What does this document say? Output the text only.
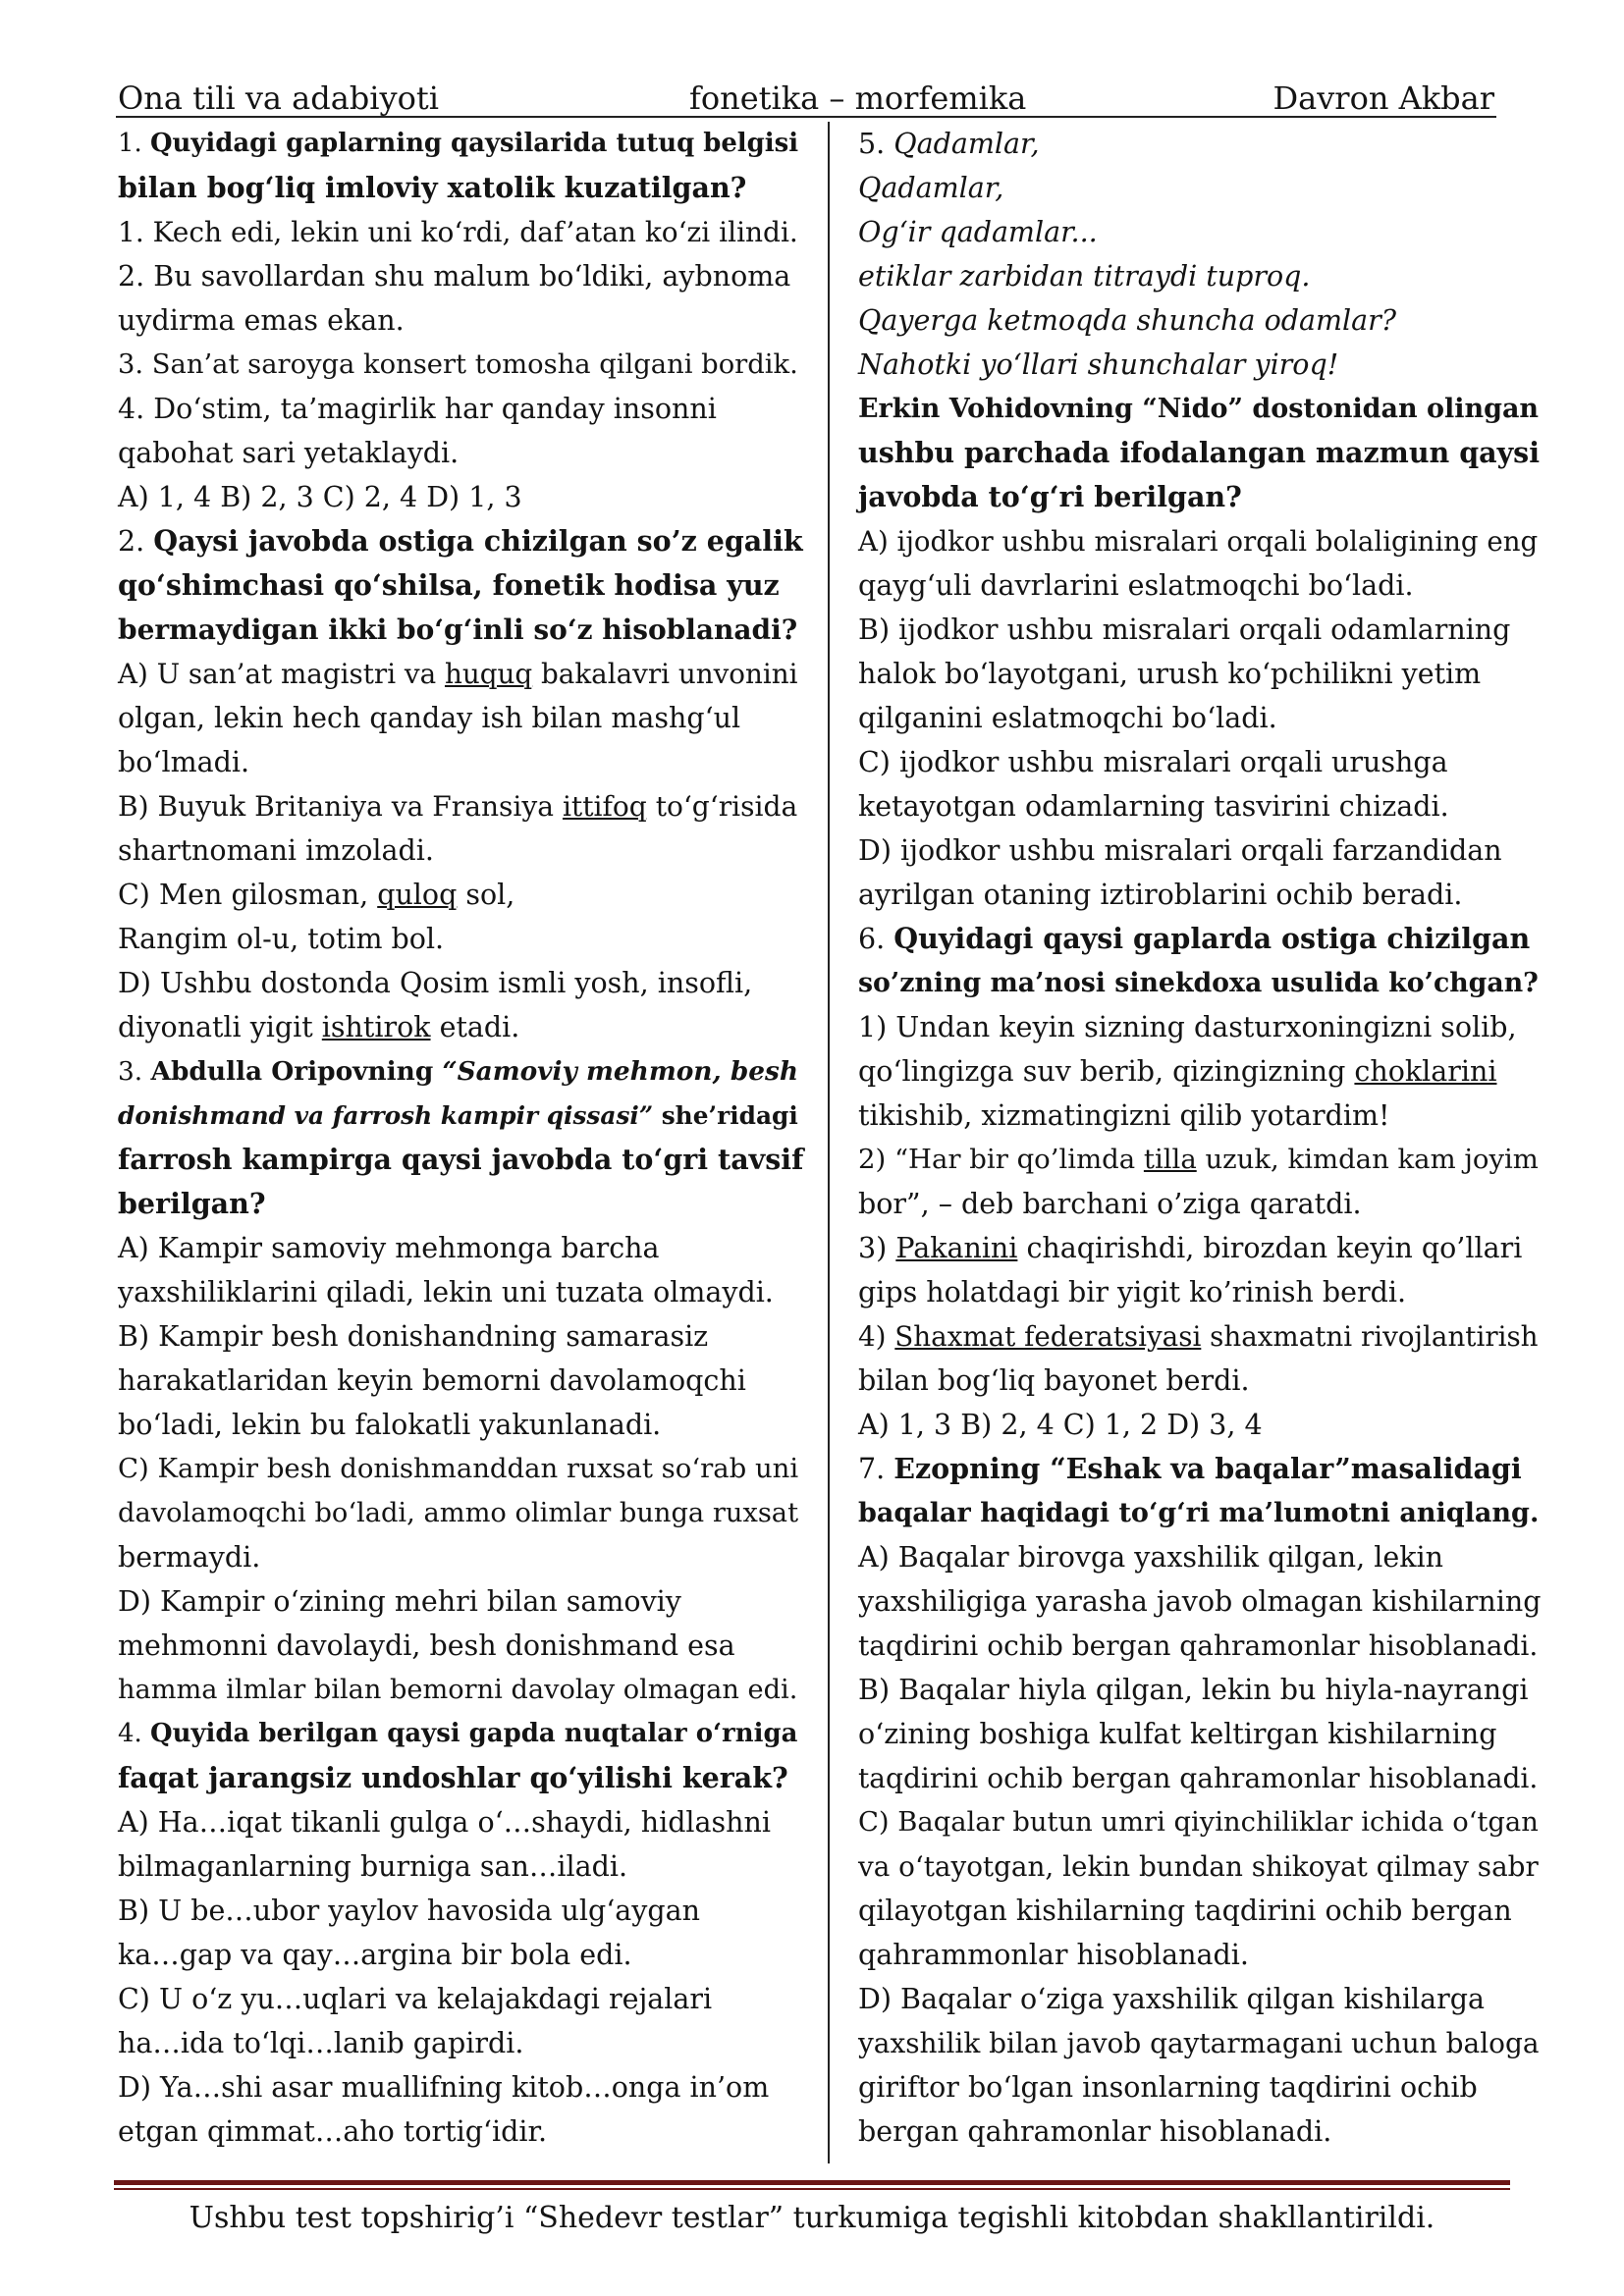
Ona tili va adabiyoti	fonetika – morfemika	Davron Akbar
1. Quyidagi gaplarning qaysilarida tutuq belgisi
bilan bog‘liq imloviy xatolik kuzatilgan?
1. Kech edi, lekin uni ko‘rdi, daf’atan ko‘zi ilindi.
2. Bu savollardan shu malum bo‘ldiki, aybnoma
uydirma emas ekan.
3. San’at saroyga konsert tomosha qilgani bordik.
4. Do‘stim, ta’magirlik har qanday insonni
qabohat sari yetaklaydi.
A) 1, 4 B) 2, 3 C) 2, 4 D) 1, 3
2. Qaysi javobda ostiga chizilgan so’z egalik
qo‘shimchasi qo‘shilsa, fonetik hodisa yuz
bermaydigan ikki bo‘g‘inli so‘z hisoblanadi?
A) U san’at magistri va huquq bakalavri unvonini
olgan, lekin hech qanday ish bilan mashg‘ul
bo‘lmadi.
B) Buyuk Britaniya va Fransiya ittifoq to‘g‘risida
shartnomani imzoladi.
C) Men gilosman, quloq sol,
Rangim ol-u, totim bol.
D) Ushbu dostonda Qosim ismli yosh, insofli,
diyonatli yigit ishtirok etadi.
3. Abdulla Oripovning “Samoviy mehmon, besh
donishmand va farrosh kampir qissasi” she’ridagi
farrosh kampirga qaysi javobda to‘gri tavsif
berilgan?
A) Kampir samoviy mehmonga barcha
yaxshiliklarini qiladi, lekin uni tuzata olmaydi.
B) Kampir besh donishandning samarasiz
harakatlaridan keyin bemorni davolamoqchi
bo‘ladi, lekin bu falokatli yakunlanadi.
C) Kampir besh donishmanddan ruxsat so‘rab uni
davolamoqchi bo‘ladi, ammo olimlar bunga ruxsat
bermaydi.
D) Kampir o‘zining mehri bilan samoviy
mehmonni davolaydi, besh donishmand esa
hamma ilmlar bilan bemorni davolay olmagan edi.
4. Quyida berilgan qaysi gapda nuqtalar o‘rniga
faqat jarangsiz undoshlar qo‘yilishi kerak?
A) Ha…iqat tikanli gulga o‘…shaydi, hidlashni
bilmaganlarning burniga san…iladi.
B) U be…ubor yaylov havosida ulg‘aygan
ka…gap va qay…argina bir bola edi.
C) U o‘z yu…uqlari va kelajakdagi rejalari
ha…ida to‘lqi…lanib gapirdi.
D) Ya…shi asar muallifning kitob…onga in’om
etgan qimmat…aho tortig‘idir.
5. Qadamlar,
Qadamlar,
Og‘ir qadamlar...
etiklar zarbidan titraydi tuproq.
Qayerga ketmoqda shuncha odamlar?
Nahotki yo‘llari shunchalar yiroq!
Erkin Vohidovning “Nido” dostonidan olingan
ushbu parchada ifodalangan mazmun qaysi
javobda to‘g‘ri berilgan?
A) ijodkor ushbu misralari orqali bolaligining eng
qayg‘uli davrlarini eslatmoqchi bo‘ladi.
B) ijodkor ushbu misralari orqali odamlarning
halok bo‘layotgani, urush ko‘pchilikni yetim
qilganini eslatmoqchi bo‘ladi.
C) ijodkor ushbu misralari orqali urushga
ketayotgan odamlarning tasvirini chizadi.
D) ijodkor ushbu misralari orqali farzandidan
ayrilgan otaning iztiroblarini ochib beradi.
6. Quyidagi qaysi gaplarda ostiga chizilgan
so’zning ma’nosi sinekdoxa usulida ko’chgan?
1) Undan keyin sizning dasturxoningizni solib,
qo‘lingizga suv berib, qizingizning choklarini
tikishib, xizmatingizni qilib yotardim!
2) “Har bir qo’limda tilla uzuk, kimdan kam joyim
bor”, – deb barchani o’ziga qaratdi.
3) Pakanini chaqirishdi, birozdan keyin qo’llari
gips holatdagi bir yigit ko’rinish berdi.
4) Shaxmat federatsiyasi shaxmatni rivojlantirish
bilan bog‘liq bayonet berdi.
A) 1, 3 B) 2, 4 C) 1, 2 D) 3, 4
7. Ezopning “Eshak va baqalar”masalidagi
baqalar haqidagi to‘g‘ri ma’lumotni aniqlang.
A) Baqalar birovga yaxshilik qilgan, lekin
yaxshiligiga yarasha javob olmagan kishilarning
taqdirini ochib bergan qahramonlar hisoblanadi.
B) Baqalar hiyla qilgan, lekin bu hiyla-nayrangi
o‘zining boshiga kulfat keltirgan kishilarning
taqdirini ochib bergan qahramonlar hisoblanadi.
C) Baqalar butun umri qiyinchiliklar ichida o‘tgan
va o‘tayotgan, lekin bundan shikoyat qilmay sabr
qilayotgan kishilarning taqdirini ochib bergan
qahrammonlar hisoblanadi.
D) Baqalar o‘ziga yaxshilik qilgan kishilarga
yaxshilik bilan javob qaytarmagani uchun baloga
giriftor bo‘lgan insonlarning taqdirini ochib
bergan qahramonlar hisoblanadi.
Ushbu test topshirig’i “Shedevr testlar” turkumiga tegishli kitobdan shakllantirildi.
